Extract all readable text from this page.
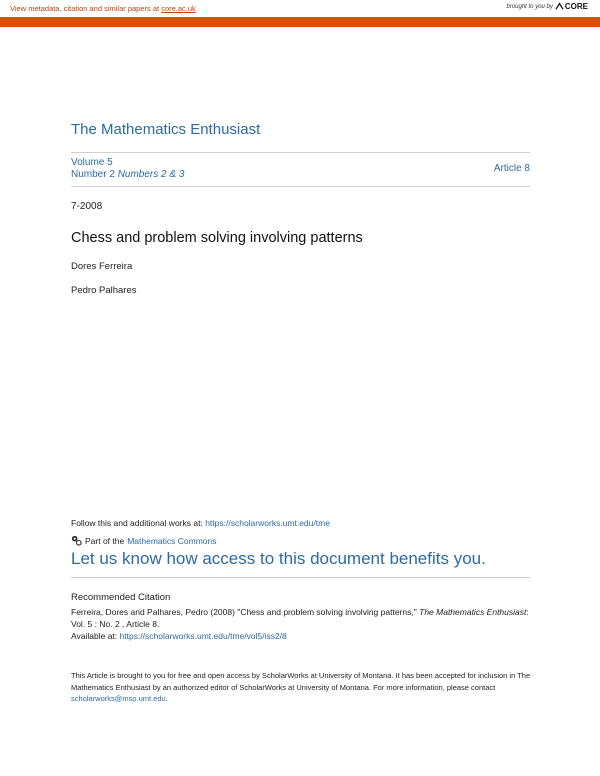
View metadata, citation and similar papers at core.ac.uk	brought to you by CORE
provided by University of Montana
The Mathematics Enthusiast
Volume 5
Number 2 Numbers 2 & 3
Article 8
7-2008
Chess and problem solving involving patterns
Dores Ferreira
Pedro Palhares
Follow this and additional works at: https://scholarworks.umt.edu/tme
Part of the Mathematics Commons
Let us know how access to this document benefits you.
Recommended Citation
Ferreira, Dores and Palhares, Pedro (2008) "Chess and problem solving involving patterns," The Mathematics Enthusiast: Vol. 5 : No. 2 , Article 8.
Available at: https://scholarworks.umt.edu/tme/vol5/iss2/8
This Article is brought to you for free and open access by ScholarWorks at University of Montana. It has been accepted for inclusion in The Mathematics Enthusiast by an authorized editor of ScholarWorks at University of Montana. For more information, please contact scholarworks@mso.umt.edu.
